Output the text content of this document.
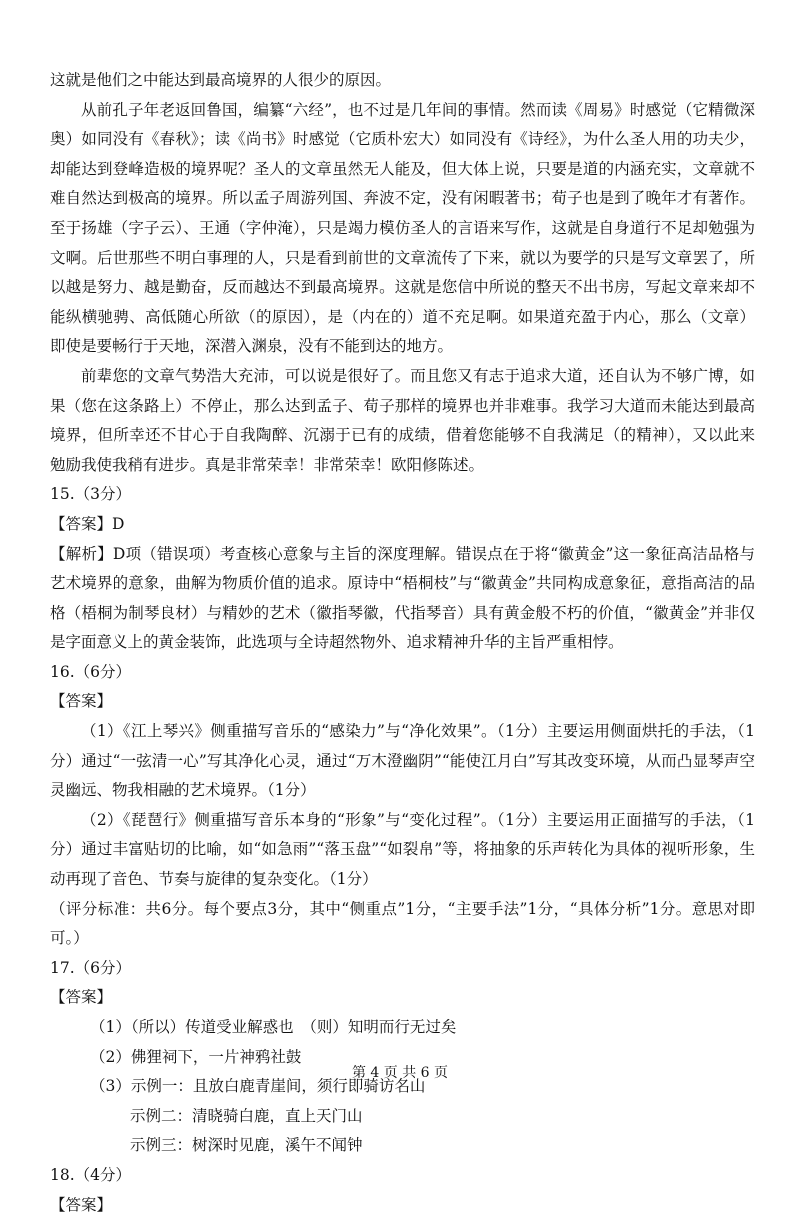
这就是他们之中能达到最高境界的人很少的原因。

从前孔子年老返回鲁国，编纂“六经”，也不过是几年间的事情。然而读《周易》时感觉（它精微深奥）如同没有《春秋》；读《尚书》时感觉（它质朴宏大）如同没有《诗经》，为什么圣人用的功夫少，却能达到登峰造极的境界呢？圣人的文章虽然无人能及，但大体上说，只要是道的内涵充实，文章就不难自然达到极高的境界。所以孟子周游列国、奔波不定，没有闲暇著书；荀子也是到了晚年才有著作。至于扬雄（字子云）、王通（字仲淹），只是竭力模仿圣人的言语来写作，这就是自身道行不足却勉强为文啊。后世那些不明白事理的人，只是看到前世的文章流传了下来，就以为要学的只是写文章罢了，所以越是努力、越是勤奋，反而越达不到最高境界。这就是您信中所说的整天不出书房，写起文章来却不能纵横驰骋、高低随心所欲（的原因），是（内在的）道不充足啊。如果道充盈于内心，那么（文章）即使是要畅行于天地，深潜入渊泉，没有不能到达的地方。

前辈您的文章气势浩大充沛，可以说是很好了。而且您又有志于追求大道，还自认为不够广博，如果（您在这条路上）不停止，那么达到孟子、荀子那样的境界也并非难事。我学习大道而未能达到最高境界，但所幸还不甘心于自我陶醉、沉溺于已有的成绩，借着您能够不自我满足（的精神），又以此来勉励我使我稍有进步。真是非常荣幸！非常荣幸！欧阳修陈述。

15.（3分）

【答案】D

【解析】D项（错误项）考查核心意象与主旨的深度理解。错误点在于将“徽黄金”这一象征高洁品格与艺术境界的意象，曲解为物质价值的追求。原诗中“梧桐枝”与“徽黄金”共同构成意象征，意指高洁的品格（梧桐为制琴良材）与精妙的艺术（徽指琴徽，代指琴音）具有黄金般不朽的价值，“徽黄金”并非仅是字面意义上的黄金装饰，此选项与全诗超然物外、追求精神升华的主旨严重相悖。

16.（6分）

【答案】

（1）《江上琴兴》侧重描写音乐的“感染力”与“净化效果”。（1分）主要运用侧面烘托的手法，（1分）通过“一弦清一心”写其净化心灵，通过“万木澄幽阴”“能使江月白”写其改变环境，从而凸显琴声空灵幽远、物我相融的艺术境界。（1分）

（2）《琵琶行》侧重描写音乐本身的“形象”与“变化过程”。（1分）主要运用正面描写的手法，（1分）通过丰富贴切的比喻，如“如急雨”“落玉盘”“如裂帛”等，将抽象的乐声转化为具体的视听形象，生动再现了音色、节奏与旋律的复杂变化。（1分）

（评分标准：共6分。每个要点3分，其中“侧重点”1分，“主要手法”1分，“具体分析”1分。意思对即可。）

17.（6分）

【答案】

（1）（所以）传道受业解惑也　（则）知明而行无过矣

（2）佛狸祠下，一片神鸦社鼓

（3）示例一：且放白鹿青崖间，须行即骑访名山

示例二：清晓骑白鹿，直上天门山

示例三：树深时见鹿，溪午不闻钟

18.（4分）

【答案】

第 4 页 共 6 页
